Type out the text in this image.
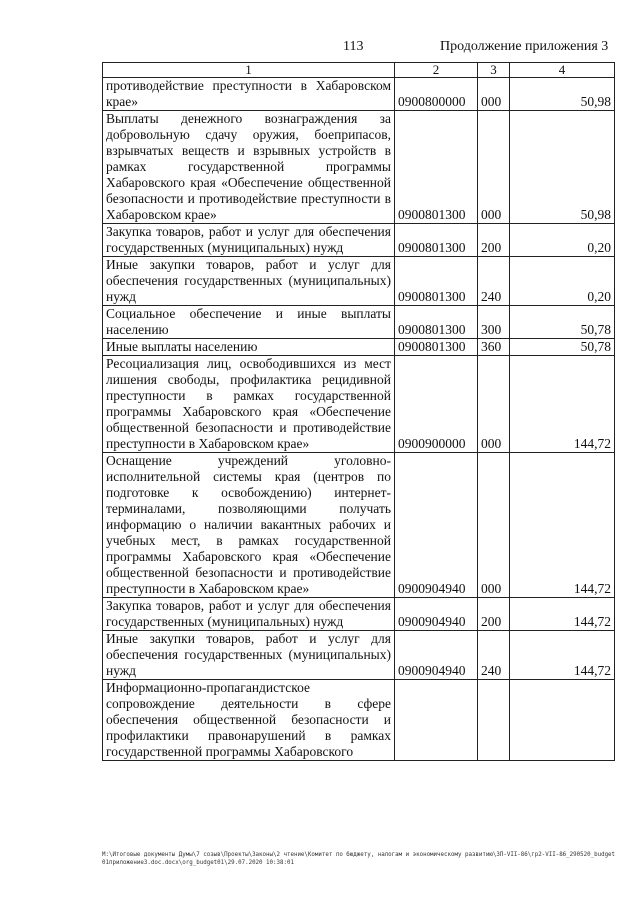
113	Продолжение приложения 3
1	2	3	4
противодействие преступности в Хабаровском крае»	0900800000	000	50,98
Выплаты денежного вознаграждения за добровольную сдачу оружия, боеприпасов, взрывчатых веществ и взрывных устройств в рамках государственной программы Хабаровского края «Обеспечение общественной безопасности и противодействие преступности в Хабаровском крае»	0900801300	000	50,98
Закупка товаров, работ и услуг для обеспечения государственных (муниципальных) нужд	0900801300	200	0,20
Иные закупки товаров, работ и услуг для обеспечения государственных (муниципальных) нужд	0900801300	240	0,20
Социальное обеспечение и иные выплаты населению	0900801300	300	50,78
Иные выплаты населению	0900801300	360	50,78
Ресоциализация лиц, освободившихся из мест лишения свободы, профилактика рецидивной преступности в рамках государственной программы Хабаровского края «Обеспечение общественной безопасности и противодействие преступности в Хабаровском крае»	0900900000	000	144,72
Оснащение учреждений уголовно-исполнительной системы края (центров по подготовке к освобождению) интернет-терминалами, позволяющими получать информацию о наличии вакантных рабочих и учебных мест, в рамках государственной программы Хабаровского края «Обеспечение общественной безопасности и противодействие преступности в Хабаровском крае»	0900904940	000	144,72
Закупка товаров, работ и услуг для обеспечения государственных (муниципальных) нужд	0900904940	200	144,72
Иные закупки товаров, работ и услуг для обеспечения государственных (муниципальных) нужд	0900904940	240	144,72
Информационно-пропагандистское сопровождение деятельности в сфере обеспечения общественной безопасности и профилактики правонарушений в рамках государственной программы Хабаровского			
M:\Итоговые документы Думы\7 созыв\Проекты\Законы\2 чтение\Комитет по бюджету, налогам и экономическому развитию\ЗП-VII-86\гр2-VII-86_290520_budget01приложение3.doc.docx\org_budget01\29.07.2020 10:38:01
